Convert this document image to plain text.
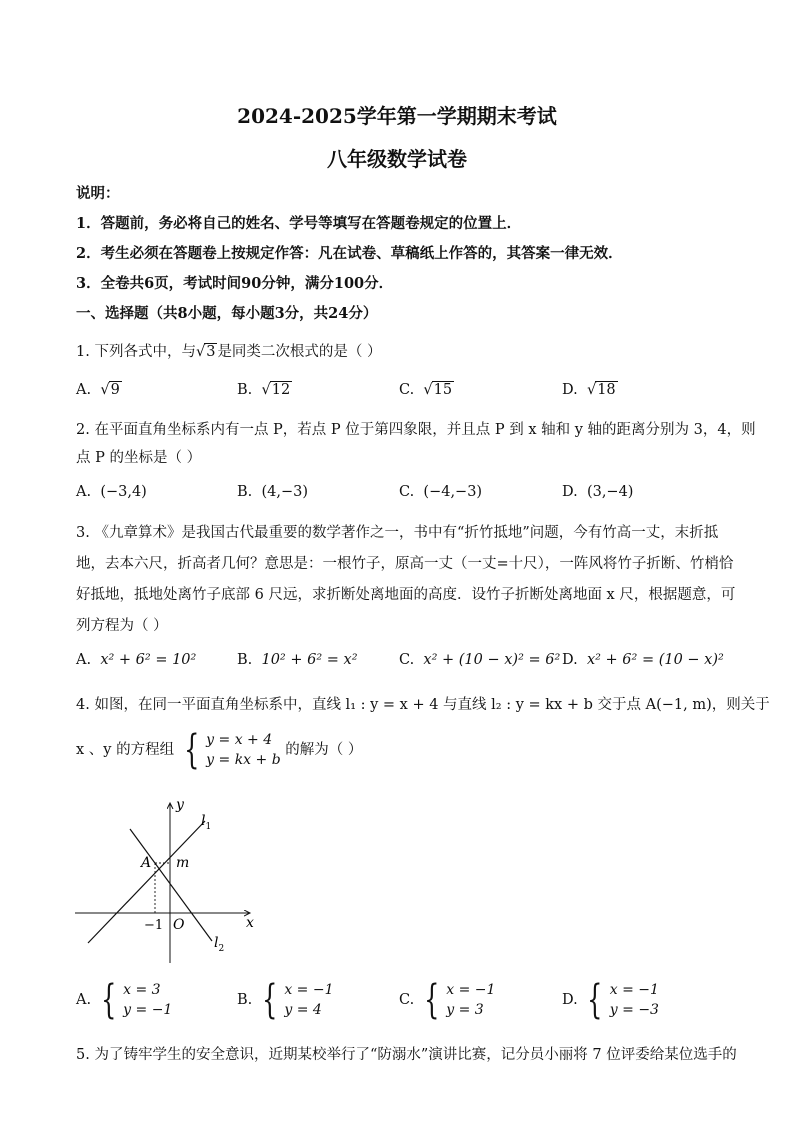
2024-2025学年第一学期期末考试
八年级数学试卷
说明：
1．答题前，务必将自己的姓名、学号等填写在答题卷规定的位置上．
2．考生必须在答题卷上按规定作答：凡在试卷、草稿纸上作答的，其答案一律无效．
3．全卷共6页，考试时间90分钟，满分100分．
一、选择题（共8小题，每小题3分，共24分）
1. 下列各式中，与√3 是同类二次根式的是（ ）
A. √9	B. √12	C. √15	D. √18
2. 在平面直角坐标系内有一点 P，若点 P 位于第四象限，并且点 P 到 x 轴和 y 轴的距离分别为 3，4，则
点 P 的坐标是（ ）
A. (−3,4)	B. (4,−3)	C. (−4,−3)	D. (3,−4)
3. 《九章算术》是我国古代最重要的数学著作之一，书中有“折竹抵地”问题，今有竹高一丈，末折抵
地，去本六尺，折高者几何？意思是：一根竹子，原高一丈（一丈=十尺），一阵风将竹子折断、竹梢恰
好抵地，抵地处离竹子底部 6 尺远，求折断处离地面的高度．设竹子折断处离地面 x 尺，根据题意，可
列方程为（ ）
A. x² + 6² = 10²	B. 10² + 6² = x²	C. x² + (10 − x)² = 6² D. x² + 6² = (10 − x)²
4. 如图，在同一平面直角坐标系中，直线 l₁ : y = x + 4 与直线 l₂ : y = kx + b 交于点 A(−1, m)，则关于
x 、y 的方程组 { y = x + 4
y = kx + b
的解为（ ）
y
x
O
A m
−1
$l_1$
$l_2$
A. { x = 3
y = −1
B. { x = −1
y = 4
C. { x = −1
y = 3
D. { x = −1
y = −3
5. 为了铸牢学生的安全意识，近期某校举行了“防溺水”演讲比赛，记分员小丽将 7 位评委给某位选手的
